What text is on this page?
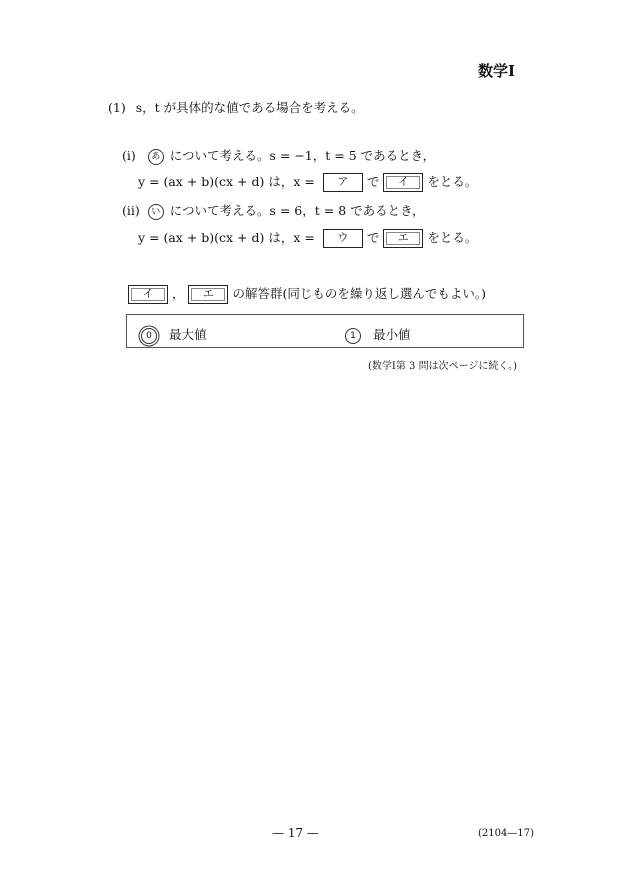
数学Ⅰ
(1) s，t が具体的な値である場合を考える。
(i) あ について考える。s = −1，t = 5 であるとき，
y = (ax + b)(cx + d) は，x = ア で イ をとる。
(ii) い について考える。s = 6，t = 8 であるとき，
y = (ax + b)(cx + d) は，x = ウ で エ をとる。
イ ， エ の解答群(同じものを繰り返し選んでもよい。)
0 最大値	1 最小値
(数学Ⅰ第 3 問は次ページに続く。)
— 17 —	(2104—17)
